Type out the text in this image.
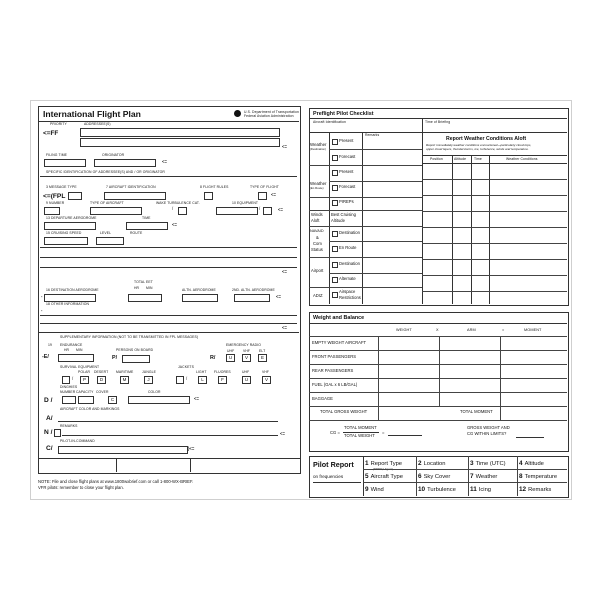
International Flight Plan	U.S. Department of Transportation
Federal Aviation Administration
PRIORITY	ADDRESSEE(S)
<=FF
<=
FILING TIME	ORIGINATOR
<=
SPECIFIC IDENTIFICATION OF ADDRESSEE(S) AND / OR ORIGINATOR
3 MESSAGE TYPE	7 AIRCRAFT IDENTIFICATION	8 FLIGHT RULES	TYPE OF FLIGHT
<=(FPL	<=
9 NUMBER	TYPE OF AIRCRAFT	WAKE TURBULENCE CAT.	10 EQUIPMENT
/	/	<=
13 DEPARTURE AERODROME	TIME
<=
15 CRUISING SPEED	LEVEL	ROUTE
<=
TOTAL EET
HR MIN
16 DESTINATION AERODROME	ALTN. AERODROME	2ND. ALTN. AERODROME
-	<=
18 OTHER INFORMATION
-
<=
SUPPLEMENTARY INFORMATION (NOT TO BE TRANSMITTED IN FPL MESSAGES)
19 ENDURANCE
HR MIN	PERSONS ON BOARD
EMERGENCY RADIO
UHF	VHF	ELT
-E/	P/	R/	U	V	E
SURVIVAL EQUIPMENT	JACKETS
POLAR DESERT MARITIME	JUNGLE	LIGHT FLUORES	UHF	VHF
/	P	D	M	J	/	L	F	U	V
DINGHIES
NUMBER CAPACITY COVER	COLOR
D /	C	<=
AIRCRAFT COLOR AND MARKINGS
A/
REMARKS
N /	<=
PILOT-IN-COMMAND
C/	)<=
NOTE: File and close flight plans at www.1800wxbrief.com or call 1-800-WX-BRIEF.
VFR pilots: remember to close your flight plan.
Preflight Pilot Checklist
Aircraft Identification	Time of Briefing
Remarks
Report Weather Conditions Aloft
Report immediately weather conditions encountered—particularly cloud tops,
upper cloud layers, thunderstorms, ice, turbulence, winds and temperature.
Position	Altitude Time	Weather Conditions
Weather
(Destination)
Present
Forecast
Present
Weather
(En Route)	Forecast
PIREPs
Winds
Aloft
Best Cruising
Altitude
NAVAID
&
Com
Status
Destination
En Route
Airport
Destination
Alternate
ADIZ
Airspace
Restrictions
Weight and Balance
WEIGHT	X	ARM	=	MOMENT
EMPTY WEIGHT AIRCRAFT
FRONT PASSENGERS
REAR PASSENGERS
FUEL (GAL x 6 LB/GAL)
BAGGAGE
TOTAL GROSS WEIGHT	TOTAL MOMENT
CG =
TOTAL MOMENT
TOTAL WEIGHT
=
GROSS WEIGHT AND
CG WITHIN LIMITS?
Pilot Report
on frequencies
1 Report Type
(PIREP, Urgent)
2 Location	3 Time (UTC) 4 Altitude
5 Aircraft Type 6 Sky Cover	7 Weather	8 Temperature
9 Wind	10 Turbulence 11 Icing	12 Remarks
